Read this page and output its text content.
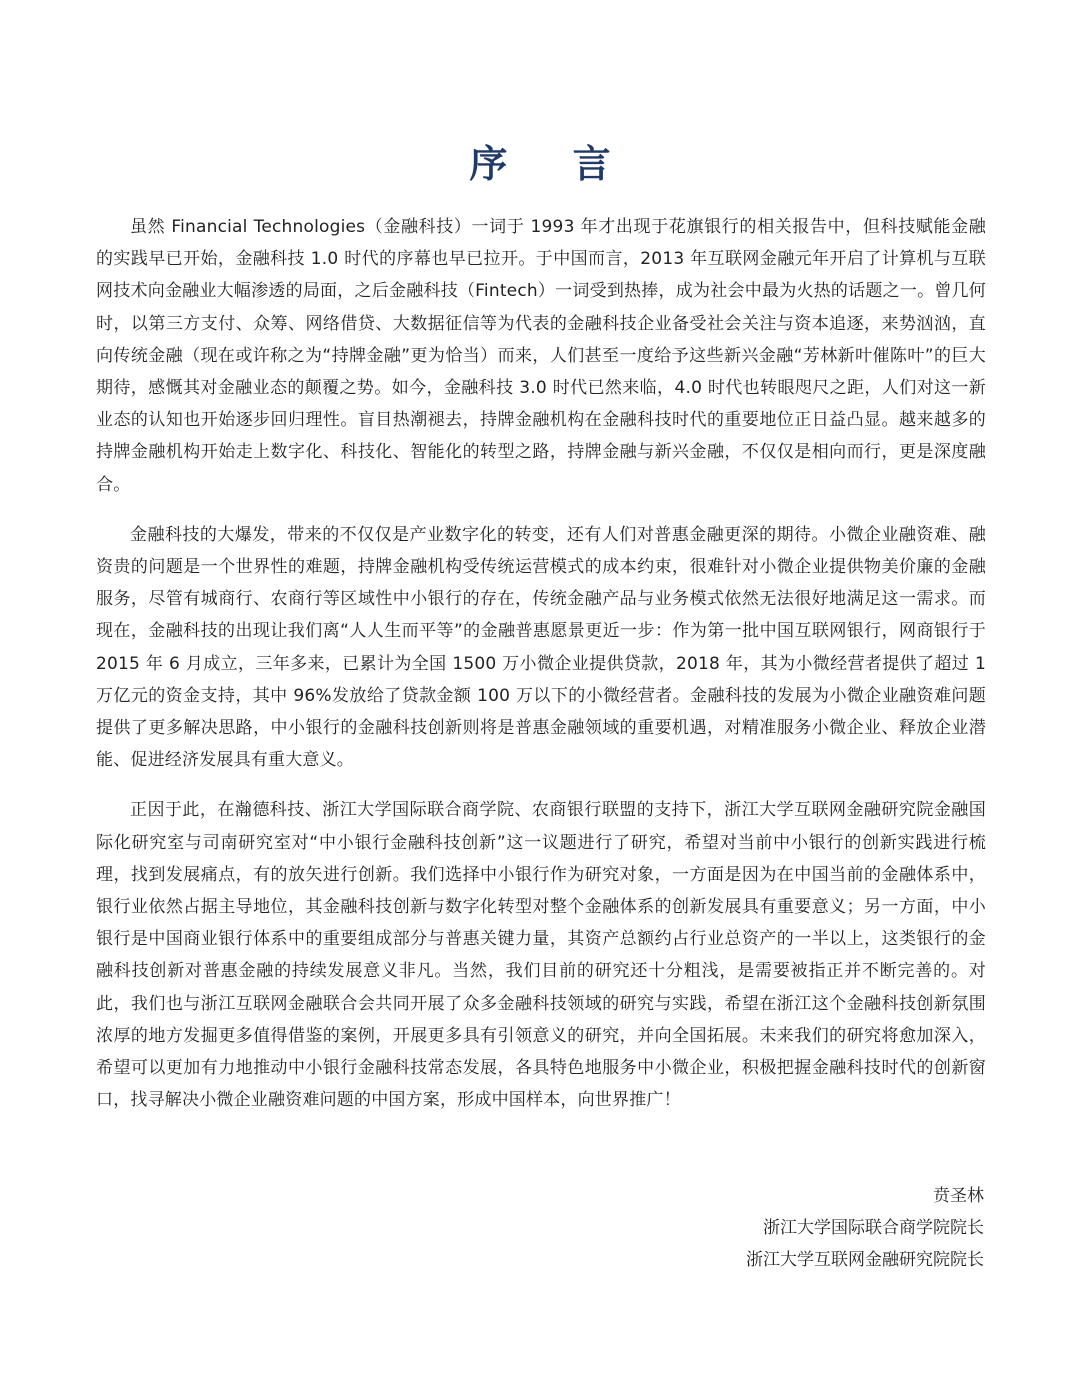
序 言

虽然 Financial Technologies（金融科技）一词于 1993 年才出现于花旗银行的相关报告中，但科技赋能金融的实践早已开始，金融科技 1.0 时代的序幕也早已拉开。于中国而言，2013 年互联网金融元年开启了计算机与互联网技术向金融业大幅渗透的局面，之后金融科技（Fintech）一词受到热捧，成为社会中最为火热的话题之一。曾几何时，以第三方支付、众筹、网络借贷、大数据征信等为代表的金融科技企业备受社会关注与资本追逐，来势汹汹，直向传统金融（现在或许称之为“持牌金融”更为恰当）而来，人们甚至一度给予这些新兴金融“芳林新叶催陈叶”的巨大期待，感慨其对金融业态的颠覆之势。如今，金融科技 3.0 时代已然来临，4.0 时代也转眼咫尺之距，人们对这一新业态的认知也开始逐步回归理性。盲目热潮褪去，持牌金融机构在金融科技时代的重要地位正日益凸显。越来越多的持牌金融机构开始走上数字化、科技化、智能化的转型之路，持牌金融与新兴金融，不仅仅是相向而行，更是深度融合。

金融科技的大爆发，带来的不仅仅是产业数字化的转变，还有人们对普惠金融更深的期待。小微企业融资难、融资贵的问题是一个世界性的难题，持牌金融机构受传统运营模式的成本约束，很难针对小微企业提供物美价廉的金融服务，尽管有城商行、农商行等区域性中小银行的存在，传统金融产品与业务模式依然无法很好地满足这一需求。而现在，金融科技的出现让我们离“人人生而平等”的金融普惠愿景更近一步：作为第一批中国互联网银行，网商银行于 2015 年 6 月成立，三年多来，已累计为全国 1500 万小微企业提供贷款，2018 年，其为小微经营者提供了超过 1 万亿元的资金支持，其中 96%发放给了贷款金额 100 万以下的小微经营者。金融科技的发展为小微企业融资难问题提供了更多解决思路，中小银行的金融科技创新则将是普惠金融领域的重要机遇，对精准服务小微企业、释放企业潜能、促进经济发展具有重大意义。

正因于此，在瀚德科技、浙江大学国际联合商学院、农商银行联盟的支持下，浙江大学互联网金融研究院金融国际化研究室与司南研究室对“中小银行金融科技创新”这一议题进行了研究，希望对当前中小银行的创新实践进行梳理，找到发展痛点，有的放矢进行创新。我们选择中小银行作为研究对象，一方面是因为在中国当前的金融体系中，银行业依然占据主导地位，其金融科技创新与数字化转型对整个金融体系的创新发展具有重要意义；另一方面，中小银行是中国商业银行体系中的重要组成部分与普惠关键力量，其资产总额约占行业总资产的一半以上，这类银行的金融科技创新对普惠金融的持续发展意义非凡。当然，我们目前的研究还十分粗浅，是需要被指正并不断完善的。对此，我们也与浙江互联网金融联合会共同开展了众多金融科技领域的研究与实践，希望在浙江这个金融科技创新氛围浓厚的地方发掘更多值得借鉴的案例，开展更多具有引领意义的研究，并向全国拓展。未来我们的研究将愈加深入，希望可以更加有力地推动中小银行金融科技常态发展，各具特色地服务中小微企业，积极把握金融科技时代的创新窗口，找寻解决小微企业融资难问题的中国方案，形成中国样本，向世界推广！

贲圣林

浙江大学国际联合商学院院长

浙江大学互联网金融研究院院长
